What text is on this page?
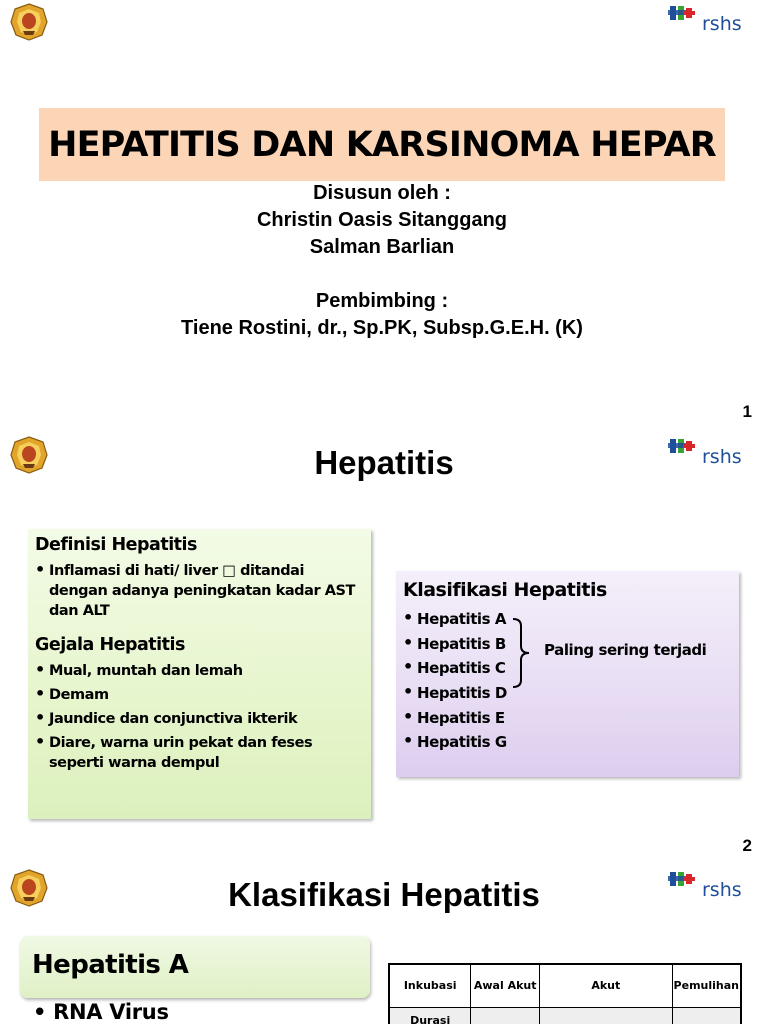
rshs
HEPATITIS DAN KARSINOMA HEPAR
Disusun oleh :
Christin Oasis Sitanggang
Salman Barlian
Pembimbing :
Tiene Rostini, dr., Sp.PK, Subsp.G.E.H. (K)
1
rshs
Hepatitis
Definisi Hepatitis
• Inflamasi di hati/ liver □ ditandai dengan adanya peningkatan kadar AST dan ALT
Gejala Hepatitis
• Mual, muntah dan lemah
• Demam
• Jaundice dan conjunctiva ikterik
• Diare, warna urin pekat dan feses seperti warna dempul
Klasifikasi Hepatitis
• Hepatitis A
• Hepatitis B
• Hepatitis C
• Hepatitis D
• Hepatitis E
• Hepatitis G
Paling sering terjadi
2
rshs
Klasifikasi Hepatitis
Hepatitis A
• RNA Virus
Inkubasi	Awal Akut	Akut	Pemulihan
Durasi			
